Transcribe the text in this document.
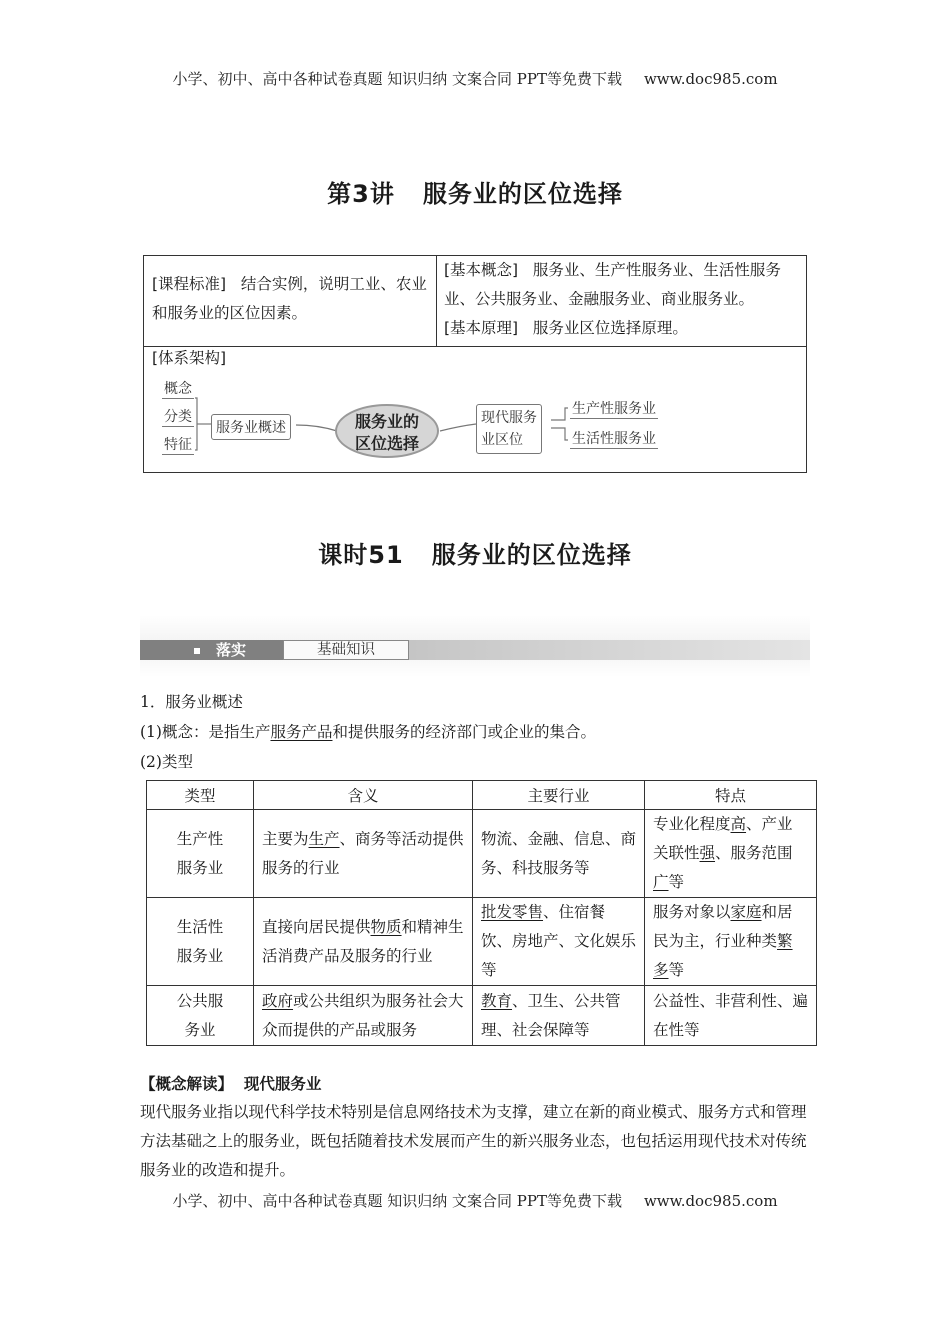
小学、初中、高中各种试卷真题 知识归纳 文案合同 PPT等免费下载 www.doc985.com
第3讲 服务业的区位选择
[课程标准] 结合实例，说明工业、农业和服务业的区位因素。
[基本概念] 服务业、生产性服务业、生活性服务业、公共服务业、金融服务业、商业服务业。
[基本原理] 服务业区位选择原理。
[体系架构]
概念
分类
特征
服务业概述	服务业的
区位选择
现代服务
业区位
生产性服务业
生活性服务业
课时51 服务业的区位选择
落实	基础知识
1．服务业概述
(1)概念：是指生产服务产品和提供服务的经济部门或企业的集合。
(2)类型
类型	含义	主要行业	特点
生产性
服务业	主要为生产、商务等活动提供服务的行业	物流、金融、信息、商务、科技服务等	专业化程度高、产业关联性强、服务范围广等
生活性
服务业	直接向居民提供物质和精神生活消费产品及服务的行业	批发零售、住宿餐饮、房地产、文化娱乐等	服务对象以家庭和居民为主，行业种类繁多等
公共服
务业	政府或公共组织为服务社会大众而提供的产品或服务	教育、卫生、公共管理、社会保障等	公益性、非营利性、遍在性等
【概念解读】 现代服务业
现代服务业指以现代科学技术特别是信息网络技术为支撑，建立在新的商业模式、服务方式和管理方法基础之上的服务业，既包括随着技术发展而产生的新兴服务业态，也包括运用现代技术对传统服务业的改造和提升。
小学、初中、高中各种试卷真题 知识归纳 文案合同 PPT等免费下载 www.doc985.com
